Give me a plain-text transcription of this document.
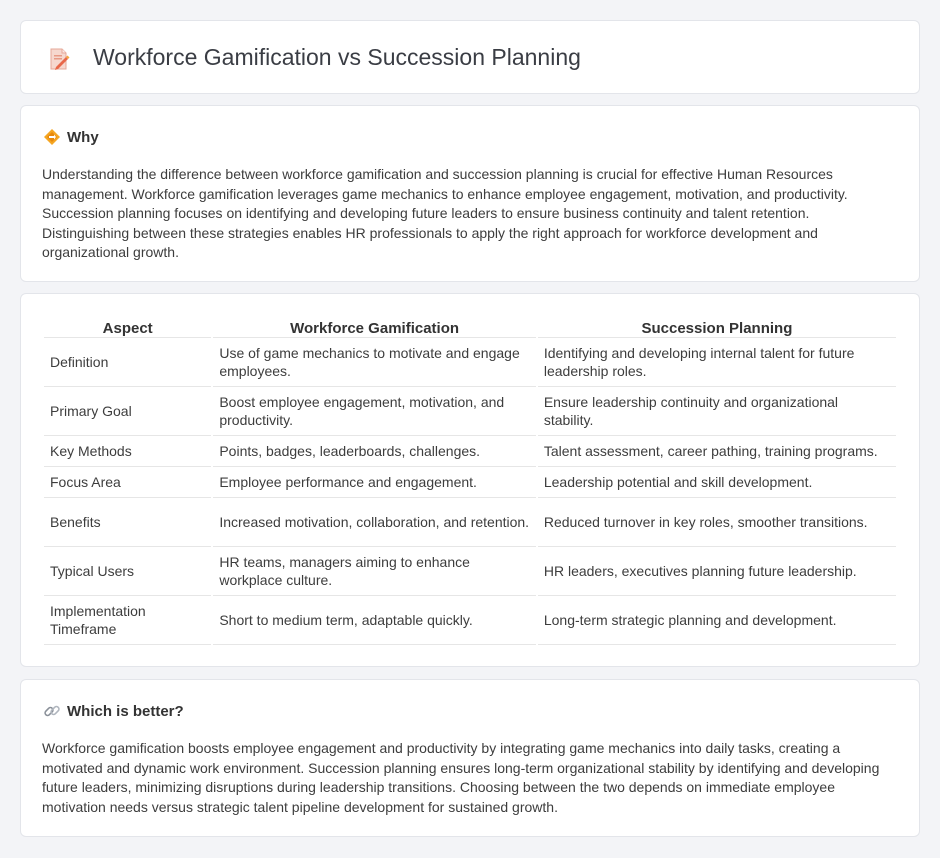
Workforce Gamification vs Succession Planning
Why

Understanding the difference between workforce gamification and succession planning is crucial for effective Human Resources management. Workforce gamification leverages game mechanics to enhance employee engagement, motivation, and productivity. Succession planning focuses on identifying and developing future leaders to ensure business continuity and talent retention. Distinguishing between these strategies enables HR professionals to apply the right approach for workforce development and organizational growth.

Aspect	Workforce Gamification	Succession Planning
Definition	Use of game mechanics to motivate and engage employees.	Identifying and developing internal talent for future leadership roles.
Primary Goal	Boost employee engagement, motivation, and productivity.	Ensure leadership continuity and organizational stability.
Key Methods	Points, badges, leaderboards, challenges.	Talent assessment, career pathing, training programs.
Focus Area	Employee performance and engagement.	Leadership potential and skill development.
Benefits	Increased motivation, collaboration, and retention.	Reduced turnover in key roles, smoother transitions.
Typical Users	HR teams, managers aiming to enhance workplace culture.	HR leaders, executives planning future leadership.
Implementation Timeframe	Short to medium term, adaptable quickly.	Long-term strategic planning and development.
Which is better?

Workforce gamification boosts employee engagement and productivity by integrating game mechanics into daily tasks, creating a motivated and dynamic work environment. Succession planning ensures long-term organizational stability by identifying and developing future leaders, minimizing disruptions during leadership transitions. Choosing between the two depends on immediate employee motivation needs versus strategic talent pipeline development for sustained growth.
